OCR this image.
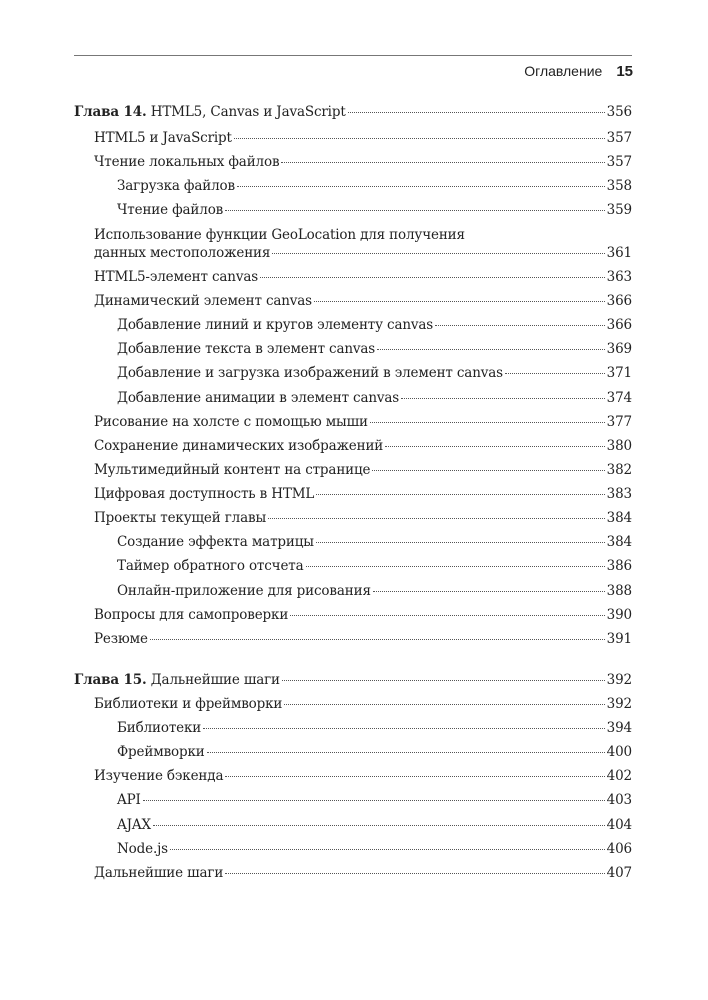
Оглавление 15
Глава 14. HTML5, Canvas и JavaScript	356
HTML5 и JavaScript	357
Чтение локальных файлов	357
Загрузка файлов	358
Чтение файлов	359
Использование функции GeoLocation для получения
данных местоположения	361
HTML5-элемент canvas	363
Динамический элемент canvas	366
Добавление линий и кругов элементу canvas	366
Добавление текста в элемент canvas	369
Добавление и загрузка изображений в элемент canvas	371
Добавление анимации в элемент canvas	374
Рисование на холсте с помощью мыши	377
Сохранение динамических изображений	380
Мультимедийный контент на странице	382
Цифровая доступность в HTML	383
Проекты текущей главы	384
Создание эффекта матрицы	384
Таймер обратного отсчета	386
Онлайн-приложение для рисования	388
Вопросы для самопроверки	390
Резюме	391
Глава 15. Дальнейшие шаги	392
Библиотеки и фреймворки	392
Библиотеки	394
Фреймворки	400
Изучение бэкенда	402
API	403
AJAX	404
Node.js	406
Дальнейшие шаги	407
